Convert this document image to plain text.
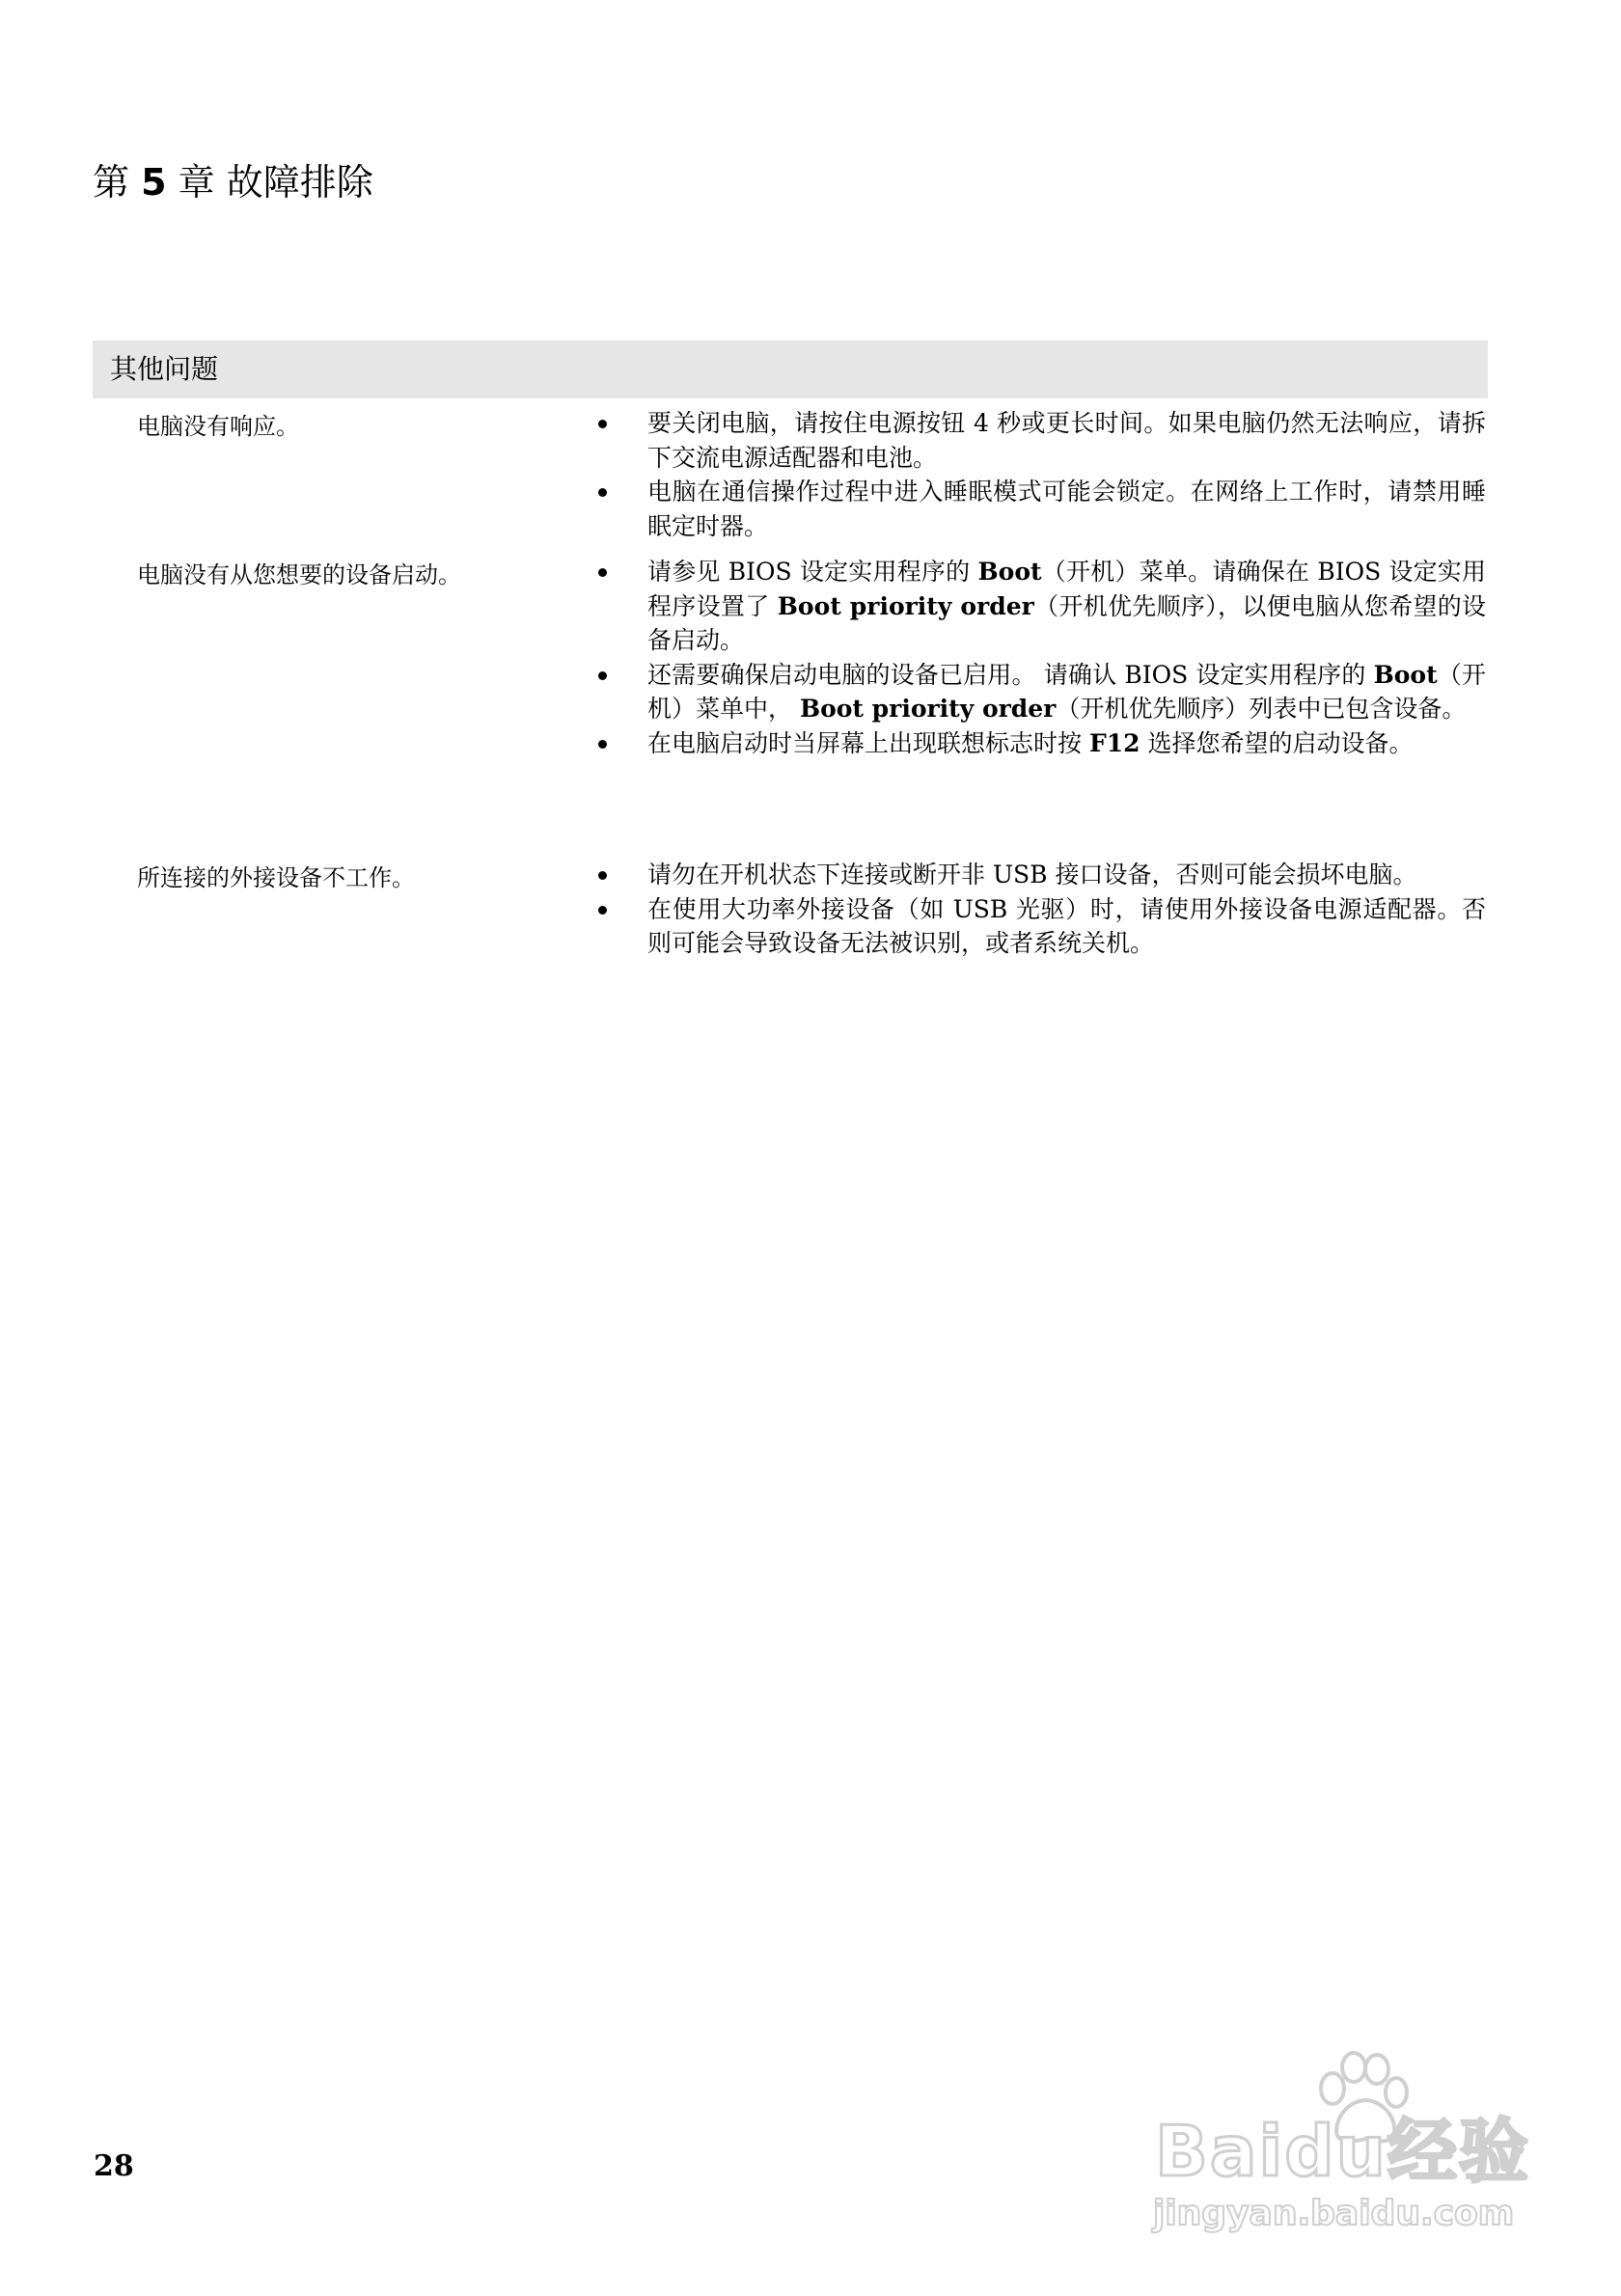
第 5 章 故障排除
其他问题
电脑没有响应。	要关闭电脑，请按住电源按钮 4 秒或更长时间。如果电脑仍然无法响应，请拆下交流电源适配器和电池。
电脑在通信操作过程中进入睡眠模式可能会锁定。在网络上工作时，请禁用睡眠定时器。
电脑没有从您想要的设备启动。	请参见 BIOS 设定实用程序的 Boot（开机）菜单。请确保在 BIOS 设定实用程序设置了 Boot priority order（开机优先顺序），以便电脑从您希望的设备启动。
还需要确保启动电脑的设备已启用。 请确认 BIOS 设定实用程序的 Boot（开机）菜单中， Boot priority order（开机优先顺序）列表中已包含设备。
在电脑启动时当屏幕上出现联想标志时按 F12 选择您希望的启动设备。
所连接的外接设备不工作。	请勿在开机状态下连接或断开非 USB 接口设备，否则可能会损坏电脑。
在使用大功率外接设备（如 USB 光驱）时，请使用外接设备电源适配器。否则可能会导致设备无法被识别，或者系统关机。
28	Baidu经验
jingyan.baidu.com
